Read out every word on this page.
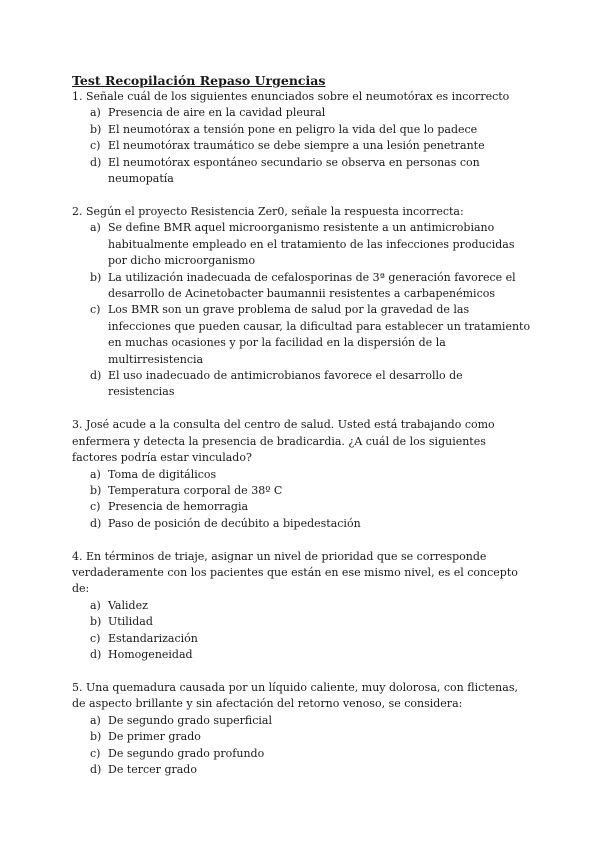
Test Recopilación Repaso Urgencias

1. Señale cuál de los siguientes enunciados sobre el neumotórax es incorrecto

a) Presencia de aire en la cavidad pleural
b) El neumotórax a tensión pone en peligro la vida del que lo padece
c) El neumotórax traumático se debe siempre a una lesión penetrante
d) El neumotórax espontáneo secundario se observa en personas con neumopatía

2. Según el proyecto Resistencia Zer0, señale la respuesta incorrecta:

a) Se define BMR aquel microorganismo resistente a un antimicrobiano habitualmente empleado en el tratamiento de las infecciones producidas por dicho microorganismo
b) La utilización inadecuada de cefalosporinas de 3ª generación favorece el desarrollo de Acinetobacter baumannii resistentes a carbapenémicos
c) Los BMR son un grave problema de salud por la gravedad de las infecciones que pueden causar, la dificultad para establecer un tratamiento en muchas ocasiones y por la facilidad en la dispersión de la multirresistencia
d) El uso inadecuado de antimicrobianos favorece el desarrollo de resistencias

3. José acude a la consulta del centro de salud. Usted está trabajando como enfermera y detecta la presencia de bradicardia. ¿A cuál de los siguientes factores podría estar vinculado?

a) Toma de digitálicos
b) Temperatura corporal de 38º C
c) Presencia de hemorragia
d) Paso de posición de decúbito a bipedestación

4. En términos de triaje, asignar un nivel de prioridad que se corresponde verdaderamente con los pacientes que están en ese mismo nivel, es el concepto de:

a) Validez
b) Utilidad
c) Estandarización
d) Homogeneidad

5. Una quemadura causada por un líquido caliente, muy dolorosa, con flictenas, de aspecto brillante y sin afectación del retorno venoso, se considera:

a) De segundo grado superficial
b) De primer grado
c) De segundo grado profundo
d) De tercer grado
